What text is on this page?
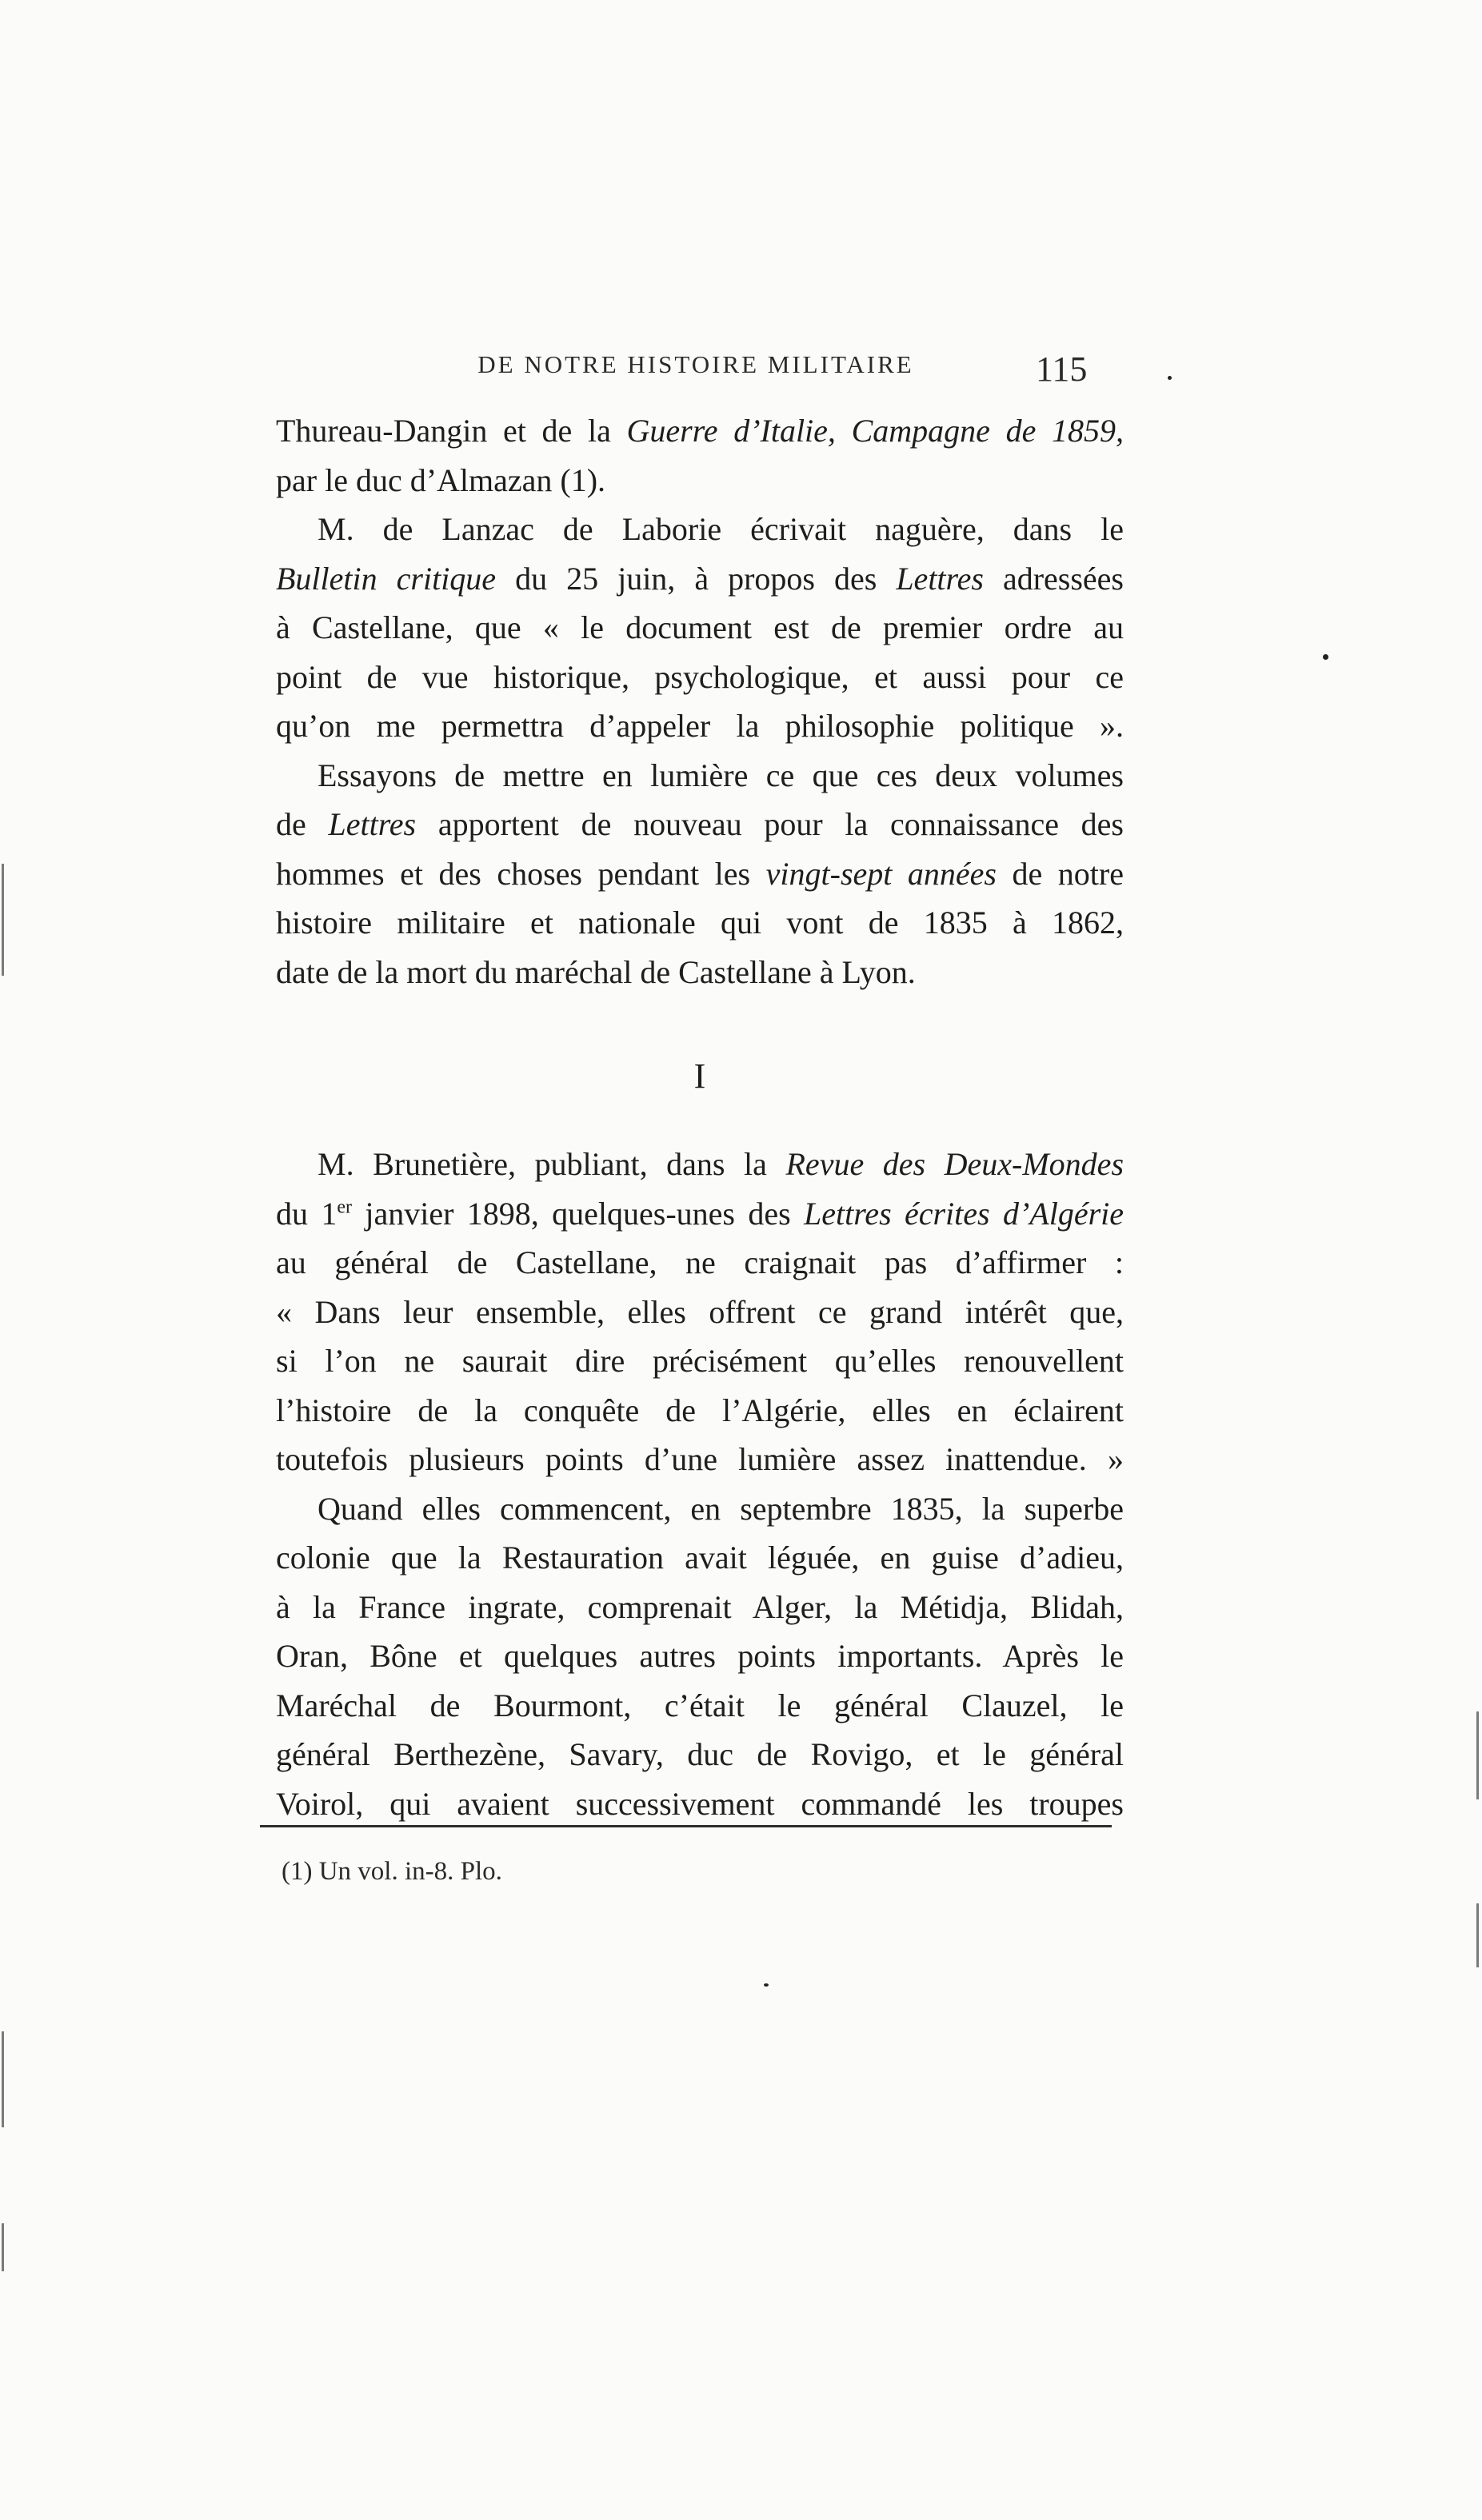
DE NOTRE HISTOIRE MILITAIRE	115
Thureau-Dangin et de la Guerre d’Italie, Campagne de 1859,
par le duc d’Almazan (1).
M. de Lanzac de Laborie écrivait naguère, dans le
Bulletin critique du 25 juin, à propos des Lettres adressées
à Castellane, que « le document est de premier ordre au
point de vue historique, psychologique, et aussi pour ce
qu’on me permettra d’appeler la philosophie politique ».
Essayons de mettre en lumière ce que ces deux volumes
de Lettres apportent de nouveau pour la connaissance des
hommes et des choses pendant les vingt-sept années de notre
histoire militaire et nationale qui vont de 1835 à 1862,
date de la mort du maréchal de Castellane à Lyon.
I
M. Brunetière, publiant, dans la Revue des Deux-Mondes
du 1er janvier 1898, quelques-unes des Lettres écrites d’Algérie
au général de Castellane, ne craignait pas d’affirmer :
« Dans leur ensemble, elles offrent ce grand intérêt que,
si l’on ne saurait dire précisément qu’elles renouvellent
l’histoire de la conquête de l’Algérie, elles en éclairent
toutefois plusieurs points d’une lumière assez inattendue. »
Quand elles commencent, en septembre 1835, la superbe
colonie que la Restauration avait léguée, en guise d’adieu,
à la France ingrate, comprenait Alger, la Métidja, Blidah,
Oran, Bône et quelques autres points importants. Après le
Maréchal de Bourmont, c’était le général Clauzel, le
général Berthezène, Savary, duc de Rovigo, et le général
Voirol, qui avaient successivement commandé les troupes
(1) Un vol. in-8. Plo.
